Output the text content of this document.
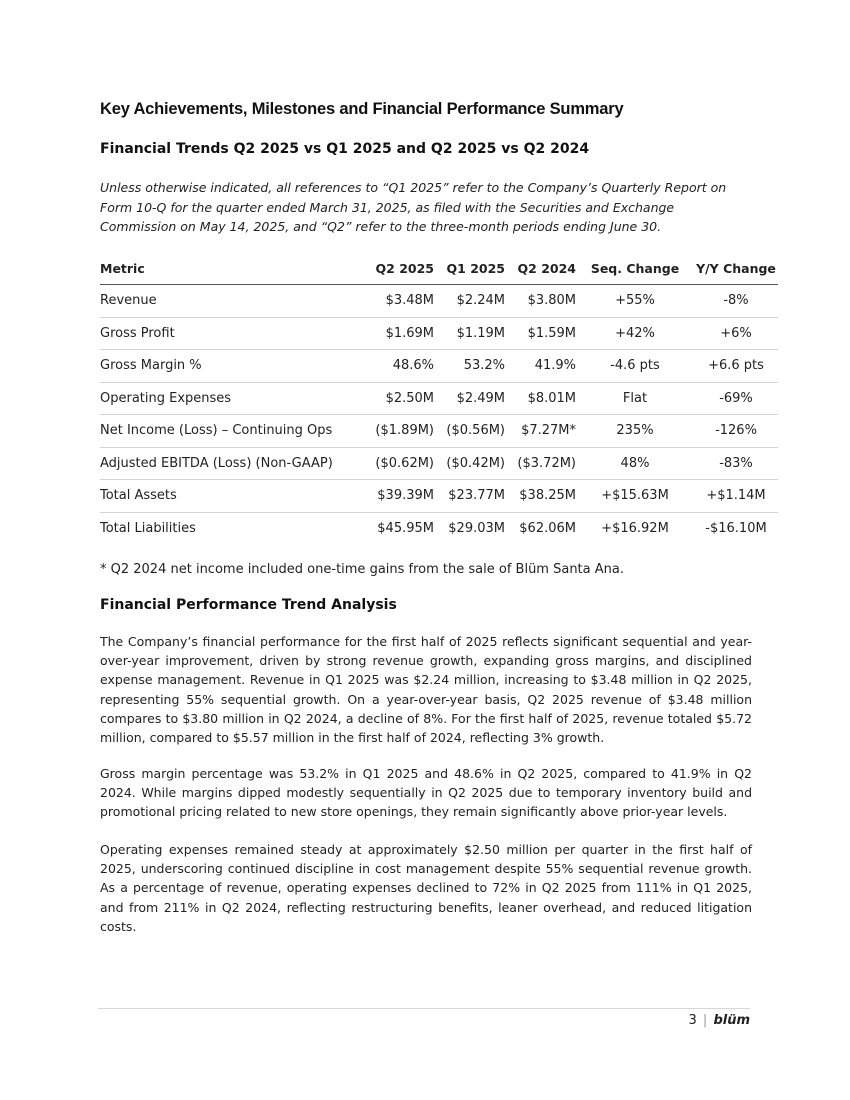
Key Achievements, Milestones and Financial Performance Summary
Financial Trends Q2 2025 vs Q1 2025 and Q2 2025 vs Q2 2024
Unless otherwise indicated, all references to “Q1 2025” refer to the Company’s Quarterly Report on Form 10-Q for the quarter ended March 31, 2025, as filed with the Securities and Exchange Commission on May 14, 2025, and “Q2” refer to the three-month periods ending June 30.
Metric	Q2 2025	Q1 2025	Q2 2024	Seq. Change	Y/Y Change
Revenue	$3.48M	$2.24M	$3.80M	+55%	-8%
Gross Profit	$1.69M	$1.19M	$1.59M	+42%	+6%
Gross Margin %	48.6%	53.2%	41.9%	-4.6 pts	+6.6 pts
Operating Expenses	$2.50M	$2.49M	$8.01M	Flat	-69%
Net Income (Loss) – Continuing Ops	($1.89M)	($0.56M)	$7.27M*	235%	-126%
Adjusted EBITDA (Loss) (Non-GAAP)	($0.62M)	($0.42M)	($3.72M)	48%	-83%
Total Assets	$39.39M	$23.77M	$38.25M	+$15.63M	+$1.14M
Total Liabilities	$45.95M	$29.03M	$62.06M	+$16.92M	-$16.10M
* Q2 2024 net income included one-time gains from the sale of Blüm Santa Ana.
Financial Performance Trend Analysis
The Company’s financial performance for the first half of 2025 reflects significant sequential and year-over-year improvement, driven by strong revenue growth, expanding gross margins, and disciplined expense management. Revenue in Q1 2025 was $2.24 million, increasing to $3.48 million in Q2 2025, representing 55% sequential growth. On a year-over-year basis, Q2 2025 revenue of $3.48 million compares to $3.80 million in Q2 2024, a decline of 8%. For the first half of 2025, revenue totaled $5.72 million, compared to $5.57 million in the first half of 2024, reflecting 3% growth.
Gross margin percentage was 53.2% in Q1 2025 and 48.6% in Q2 2025, compared to 41.9% in Q2 2024. While margins dipped modestly sequentially in Q2 2025 due to temporary inventory build and promotional pricing related to new store openings, they remain significantly above prior-year levels.
Operating expenses remained steady at approximately $2.50 million per quarter in the first half of 2025, underscoring continued discipline in cost management despite 55% sequential revenue growth. As a percentage of revenue, operating expenses declined to 72% in Q2 2025 from 111% in Q1 2025, and from 211% in Q2 2024, reflecting restructuring benefits, leaner overhead, and reduced litigation costs.
3 | blüm
